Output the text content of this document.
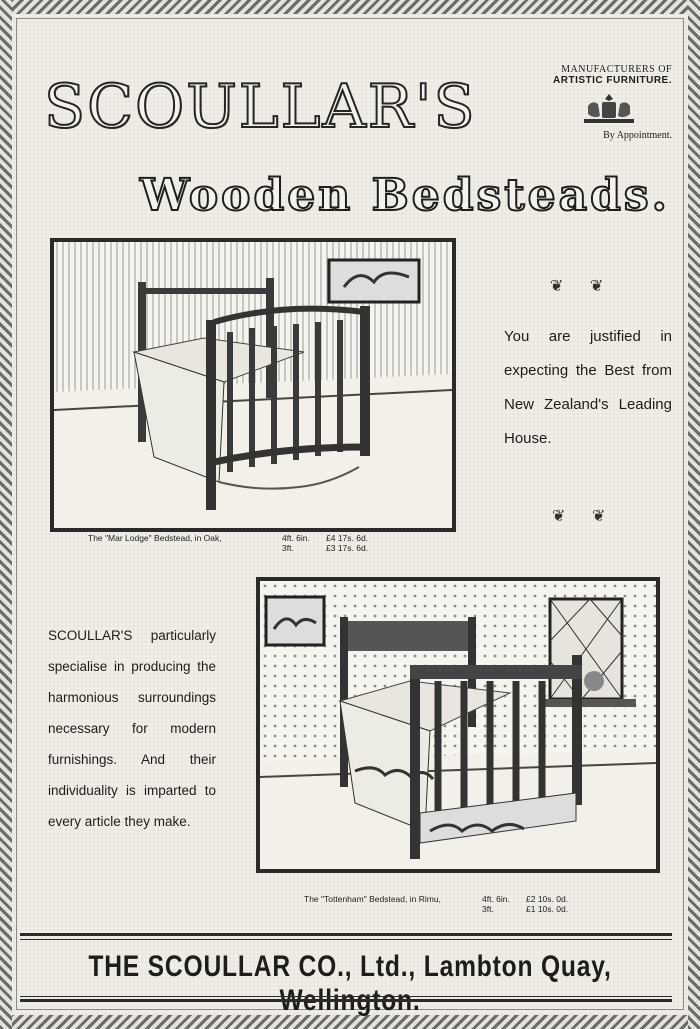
SCOULLAR'S
MANUFACTURERS OF
ARTISTIC FURNITURE.
By Appointment.
Wooden Bedsteads.
The "Mar Lodge" Bedstead, in Oak,	4ft. 6in. £4 17s. 6d.
3ft.	£3 17s. 6d.
❦ ❦

You are justified in expecting the Best from New Zealand's Leading House.

❦ ❦

SCOULLAR'S particularly specialise in producing the harmonious surroundings necessary for modern furnishings. And their individuality is imparted to every article they make.

The "Tottenham" Bedstead, in Rimu,	4ft. 6in. £2 10s. 0d.
3ft.	£1 10s. 0d.

THE SCOULLAR CO., Ltd., Lambton Quay,
